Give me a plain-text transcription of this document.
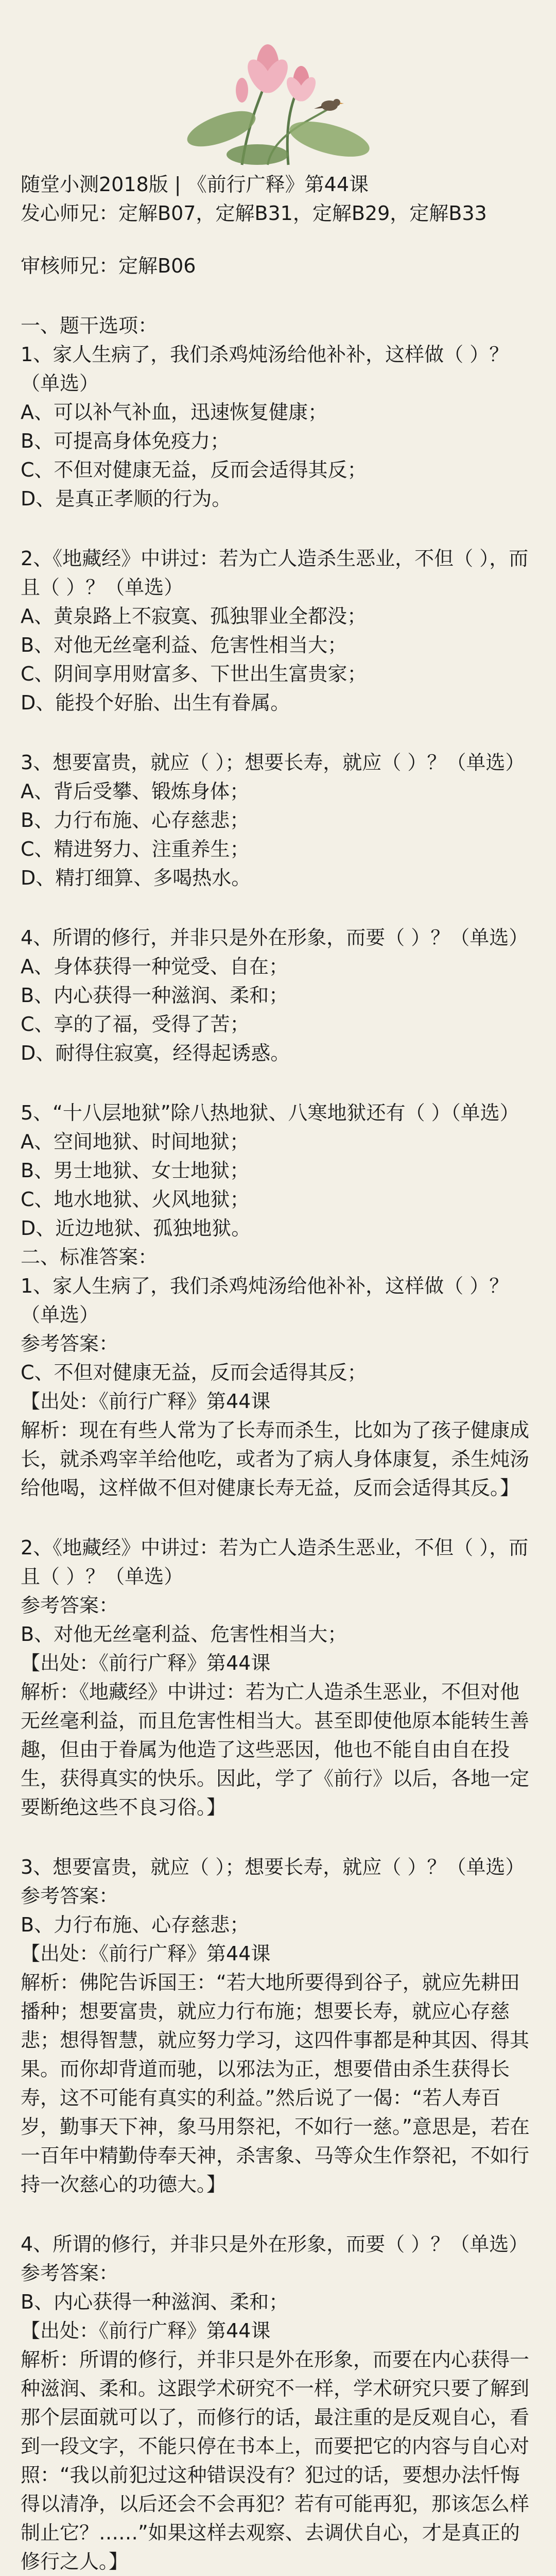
随堂小测2018版 | 《前行广释》第44课

发心师兄：定解B07，定解B31，定解B29，定解B33

审核师兄：定解B06

一、题干选项：

1、家人生病了，我们杀鸡炖汤给他补补，这样做（ ）？（单选）

A、可以补气补血，迅速恢复健康；

B、可提高身体免疫力；

C、不但对健康无益，反而会适得其反；

D、是真正孝顺的行为。

2、《地藏经》中讲过：若为亡人造杀生恶业，不但（ ），而且（ ）？（单选）

A、黄泉路上不寂寞、孤独罪业全都没；

B、对他无丝毫利益、危害性相当大；

C、阴间享用财富多、下世出生富贵家；

D、能投个好胎、出生有眷属。

3、想要富贵，就应（ ）；想要长寿，就应（ ）？（单选）

A、背后受攀、锻炼身体；

B、力行布施、心存慈悲；

C、精进努力、注重养生；

D、精打细算、多喝热水。

4、所谓的修行，并非只是外在形象，而要（ ）？（单选）

A、身体获得一种觉受、自在；

B、内心获得一种滋润、柔和；

C、享的了福，受得了苦；

D、耐得住寂寞，经得起诱惑。

5、“十八层地狱”除八热地狱、八寒地狱还有（ ）（单选）

A、空间地狱、时间地狱；

B、男士地狱、女士地狱；

C、地水地狱、火风地狱；

D、近边地狱、孤独地狱。

二、标准答案：

1、家人生病了，我们杀鸡炖汤给他补补，这样做（ ）？（单选）

参考答案：

C、不但对健康无益，反而会适得其反；

【出处：《前行广释》第44课

解析：现在有些人常为了长寿而杀生，比如为了孩子健康成长，就杀鸡宰羊给他吃，或者为了病人身体康复，杀生炖汤给他喝，这样做不但对健康长寿无益，反而会适得其反。】

2、《地藏经》中讲过：若为亡人造杀生恶业，不但（ ），而且（ ）？（单选）

参考答案：

B、对他无丝毫利益、危害性相当大；

【出处：《前行广释》第44课

解析：《地藏经》中讲过：若为亡人造杀生恶业，不但对他无丝毫利益，而且危害性相当大。甚至即使他原本能转生善趣，但由于眷属为他造了这些恶因，他也不能自由自在投生，获得真实的快乐。因此，学了《前行》以后，各地一定要断绝这些不良习俗。】

3、想要富贵，就应（ ）；想要长寿，就应（ ）？（单选）

参考答案：

B、力行布施、心存慈悲；

【出处：《前行广释》第44课

解析：佛陀告诉国王：“若大地所要得到谷子，就应先耕田播种；想要富贵，就应力行布施；想要长寿，就应心存慈悲；想得智慧，就应努力学习，这四件事都是种其因、得其果。而你却背道而驰，以邪法为正，想要借由杀生获得长寿，这不可能有真实的利益。”然后说了一偈：“若人寿百岁，勤事天下神，象马用祭祀，不如行一慈。”意思是，若在一百年中精勤侍奉天神，杀害象、马等众生作祭祀，不如行持一次慈心的功德大。】

4、所谓的修行，并非只是外在形象，而要（ ）？（单选）

参考答案：

B、内心获得一种滋润、柔和；

【出处：《前行广释》第44课

解析：所谓的修行，并非只是外在形象，而要在内心获得一种滋润、柔和。这跟学术研究不一样，学术研究只要了解到那个层面就可以了，而修行的话，最注重的是反观自心，看到一段文字，不能只停在书本上，而要把它的内容与自心对照：“我以前犯过这种错误没有？犯过的话，要想办法忏悔得以清净，以后还会不会再犯？若有可能再犯，那该怎么样制止它？……”如果这样去观察、去调伏自心，才是真正的修行之人。】
